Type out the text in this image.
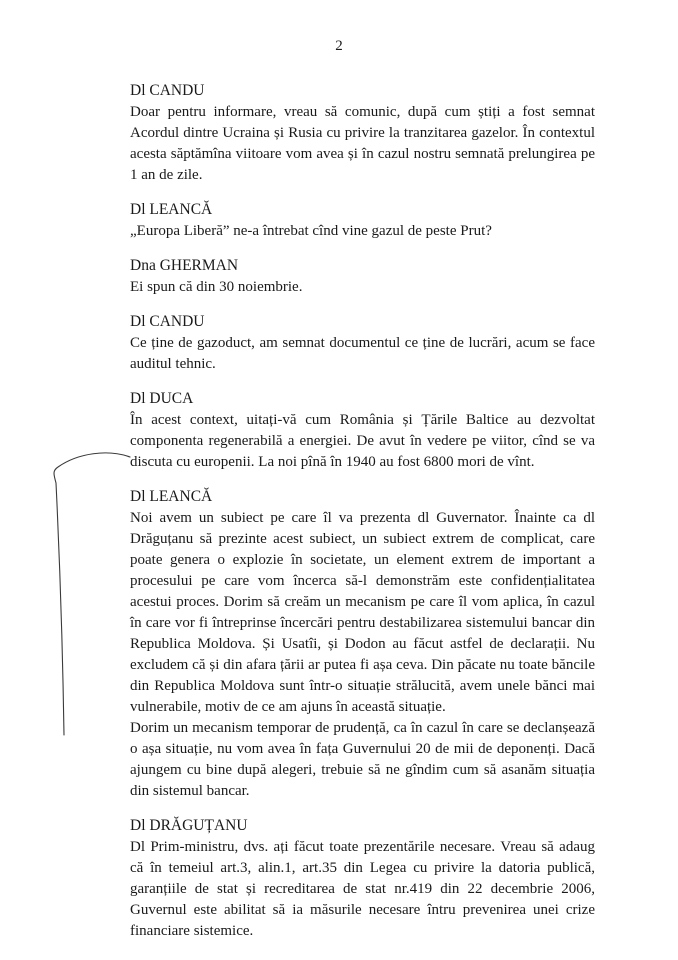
2
Dl CANDU

Doar pentru informare, vreau să comunic, după cum știți a fost semnat Acordul dintre Ucraina și Rusia cu privire la tranzitarea gazelor. În contextul acesta săptămîna viitoare vom avea și în cazul nostru semnată prelungirea pe 1 an de zile.

Dl LEANCĂ

„Europa Liberă” ne-a întrebat cînd vine gazul de peste Prut?

Dna GHERMAN

Ei spun că din 30 noiembrie.

Dl CANDU

Ce ține de gazoduct, am semnat documentul ce ține de lucrări, acum se face auditul tehnic.

Dl DUCA

În acest context, uitați-vă cum România și Țările Baltice au dezvoltat componenta regenerabilă a energiei. De avut în vedere pe viitor, cînd se va discuta cu europenii. La noi pînă în 1940 au fost 6800 mori de vînt.

Dl LEANCĂ

Noi avem un subiect pe care îl va prezenta dl Guvernator. Înainte ca dl Drăguțanu să prezinte acest subiect, un subiect extrem de complicat, care poate genera o explozie în societate, un element extrem de important a procesului pe care vom încerca să-l demonstrăm este confidențialitatea acestui proces. Dorim să creăm un mecanism pe care îl vom aplica, în cazul în care vor fi întreprinse încercări pentru destabilizarea sistemului bancar din Republica Moldova. Și Usatîi, și Dodon au făcut astfel de declarații. Nu excludem că și din afara țării ar putea fi așa ceva. Din păcate nu toate băncile din Republica Moldova sunt într-o situație strălucită, avem unele bănci mai vulnerabile, motiv de ce am ajuns în această situație.

Dorim un mecanism temporar de prudență, ca în cazul în care se declanșează o așa situație, nu vom avea în fața Guvernului 20 de mii de deponenți. Dacă ajungem cu bine după alegeri, trebuie să ne gîndim cum să asanăm situația din sistemul bancar.

Dl DRĂGUȚANU

Dl Prim-ministru, dvs. ați făcut toate prezentările necesare. Vreau să adaug că în temeiul art.3, alin.1, art.35 din Legea cu privire la datoria publică, garanțiile de stat și recreditarea de stat nr.419 din 22 decembrie 2006, Guvernul este abilitat să ia măsurile necesare întru prevenirea unei crize financiare sistemice.
